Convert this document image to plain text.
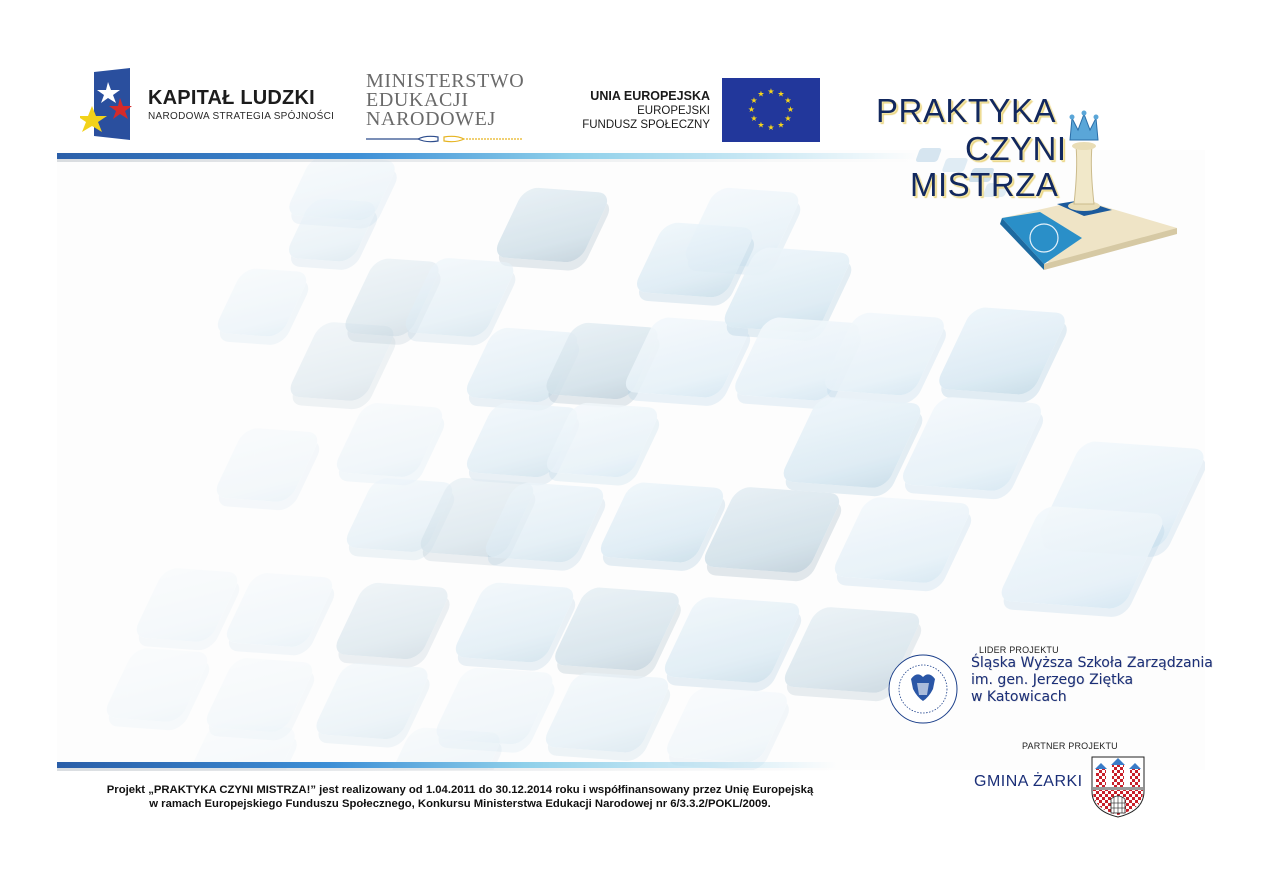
KAPITAŁ LUDZKI
NARODOWA STRATEGIA SPÓJNOŚCI
MINISTERSTWO
EDUKACJI
NARODOWEJ
UNIA EUROPEJSKA
EUROPEJSKI
FUNDUSZ SPOŁECZNY
★ ★
★
★
★
★
★
★
★
★
★
★	PRAKTYKA
CZYNI
MISTRZA
LIDER PROJEKTU
Śląska Wyższa Szkoła Zarządzania
im. gen. Jerzego Ziętka
w Katowicach
PARTNER PROJEKTU
GMINA ŻARKI
Projekt „PRAKTYKA CZYNI MISTRZA!” jest realizowany od 1.04.2011 do 30.12.2014 roku i współfinansowany przez Unię Europejską
w ramach Europejskiego Funduszu Społecznego, Konkursu Ministerstwa Edukacji Narodowej nr 6/3.3.2/POKL/2009.
